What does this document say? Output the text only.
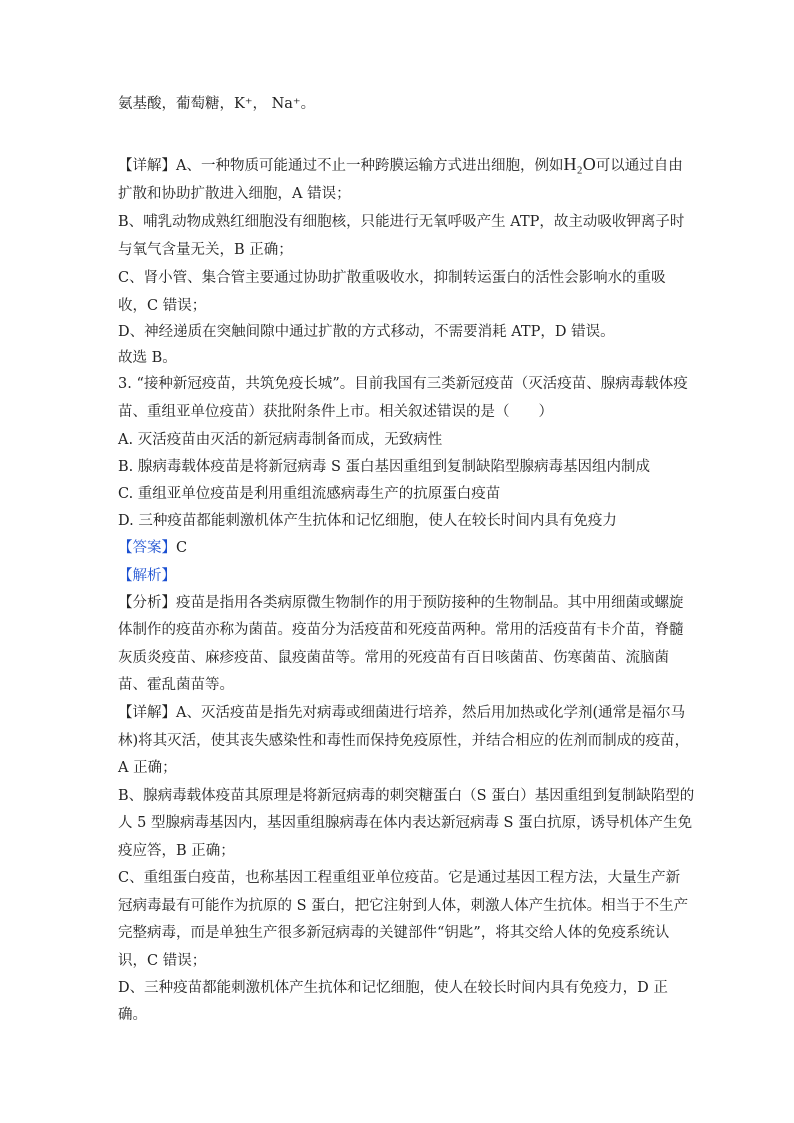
氨基酸，葡萄糖，K⁺， Na⁺。
【详解】A、一种物质可能通过不止一种跨膜运输方式进出细胞，例如H₂O可以通过自由
扩散和协助扩散进入细胞，A 错误；
B、哺乳动物成熟红细胞没有细胞核，只能进行无氧呼吸产生 ATP，故主动吸收钾离子时
与氧气含量无关，B 正确；
C、肾小管、集合管主要通过协助扩散重吸收水，抑制转运蛋白的活性会影响水的重吸
收，C 错误；
D、神经递质在突触间隙中通过扩散的方式移动，不需要消耗 ATP，D 错误。
故选 B。
3. “接种新冠疫苗，共筑免疫长城”。目前我国有三类新冠疫苗（灭活疫苗、腺病毒载体疫
苗、重组亚单位疫苗）获批附条件上市。相关叙述错误的是（　　）
A. 灭活疫苗由灭活的新冠病毒制备而成，无致病性
B. 腺病毒载体疫苗是将新冠病毒 S 蛋白基因重组到复制缺陷型腺病毒基因组内制成
C. 重组亚单位疫苗是利用重组流感病毒生产的抗原蛋白疫苗
D. 三种疫苗都能刺激机体产生抗体和记忆细胞，使人在较长时间内具有免疫力
【答案】C
【解析】
【分析】疫苗是指用各类病原微生物制作的用于预防接种的生物制品。其中用细菌或螺旋
体制作的疫苗亦称为菌苗。疫苗分为活疫苗和死疫苗两种。常用的活疫苗有卡介苗，脊髓
灰质炎疫苗、麻疹疫苗、鼠疫菌苗等。常用的死疫苗有百日咳菌苗、伤寒菌苗、流脑菌
苗、霍乱菌苗等。
【详解】A、灭活疫苗是指先对病毒或细菌进行培养，然后用加热或化学剂(通常是福尔马
林)将其灭活，使其丧失感染性和毒性而保持免疫原性，并结合相应的佐剂而制成的疫苗，
A 正确；
B、腺病毒载体疫苗其原理是将新冠病毒的刺突糖蛋白（S 蛋白）基因重组到复制缺陷型的
人 5 型腺病毒基因内，基因重组腺病毒在体内表达新冠病毒 S 蛋白抗原，诱导机体产生免
疫应答，B 正确；
C、重组蛋白疫苗，也称基因工程重组亚单位疫苗。它是通过基因工程方法，大量生产新
冠病毒最有可能作为抗原的 S 蛋白，把它注射到人体，刺激人体产生抗体。相当于不生产
完整病毒，而是单独生产很多新冠病毒的关键部件“钥匙”，将其交给人体的免疫系统认
识，C 错误；
D、三种疫苗都能刺激机体产生抗体和记忆细胞，使人在较长时间内具有免疫力，D 正
确。
